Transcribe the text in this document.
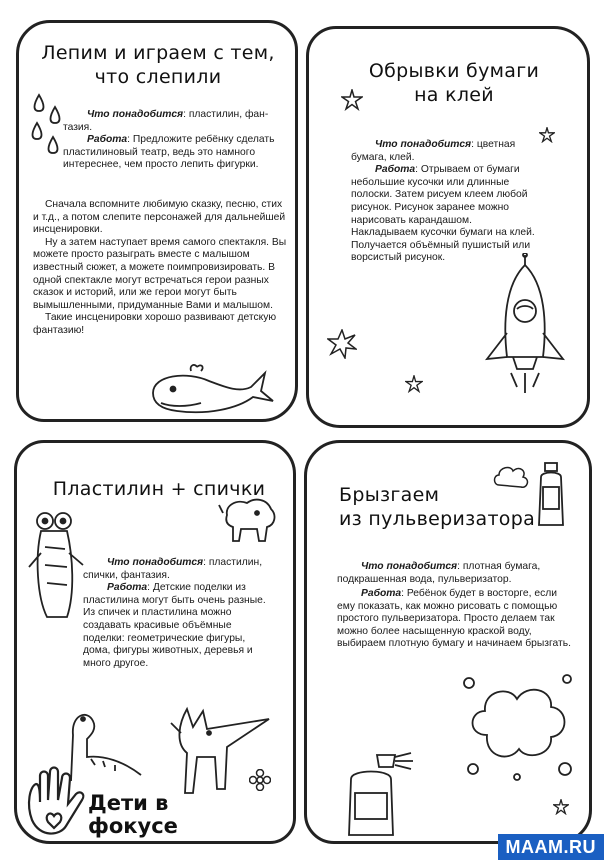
Лепим и играем с тем,
что слепили

Что понадобится: пластилин, фан-тазия.

Работа: Предложите ребёнку сделать пластилиновый театр, ведь это намного интереснее, чем просто лепить фигурки.

Сначала вспомните любимую сказку, песню, стих и т.д., а потом слепите персонажей для дальнейшей инсценировки.

Ну а затем наступает время самого спектакля. Вы можете просто разыграть вместе с малышом известный сюжет, а можете поимпровизировать. В одной спектакле могут встречаться герои разных сказок и историй, или же герои могут быть вымышленными, придуманные Вами и малышом.

Такие инсценировки хорошо развивают детскую фантазию!

Обрывки бумаги
на клей

Что понадобится: цветная бумага, клей.

Работа: Отрываем от бумаги небольшие кусочки или длинные полоски. Затем рисуем клеем любой рисунок. Рисунок заранее можно нарисовать карандашом. Накладываем кусочки бумаги на клей. Получается объёмный пушистый или ворсистый рисунок.

Пластилин + спички

Что понадобится: пластилин, спички, фантазия.

Работа: Детские поделки из пластилина могут быть очень разные. Из спичек и пластилина можно создавать красивые объёмные поделки: геометрические фигуры, дома, фигуры животных, деревья и много другое.

Брызгаем
из пульверизатора

Что понадобится: плотная бумага, подкрашенная вода, пульверизатор.

Работа: Ребёнок будет в восторге, если ему показать, как можно рисовать с помощью простого пульверизатора. Просто делаем так можно более насыщенную краской воду, выбираем плотную бумагу и начинаем брызгать.

Дети в
фокусе
MAAM.RU
